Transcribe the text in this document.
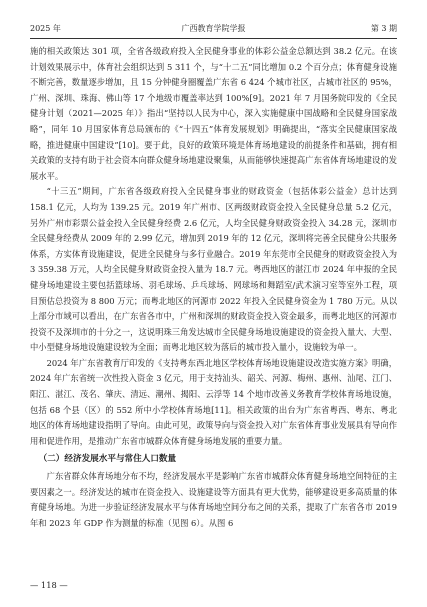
2025 年	广西教育学院学报	第 3 期

施的相关政策达 301 项，全省各级政府投入全民健身事业的体彩公益金总额达到 38.2 亿元。在该计划效果展示中，体育社会组织达到 5 311 个，与“十二五”同比增加 0.2 个百分点；体育健身设施不断完善，数量逐步增加，且 15 分钟健身圈覆盖广东省 6 424 个城市社区，占城市社区的 95%，广州、深圳、珠海、佛山等 17 个地级市覆盖率达到 100%[9]。2021 年 7 月国务院印发的《全民健身计划（2021—2025 年）》指出“坚持以人民为中心，深入实施健康中国战略和全民健身国家战略”，同年 10 月国家体育总局颁布的《“十四五”体育发展规划》明确提出，“落实全民健康国家战略，推进健康中国建设”[10]。要于此，良好的政策环境是体育场地建设的前提条件和基础，拥有相关政策的支持有助于社会资本向群众健身场地建设聚集，从而能够快速提高广东省体育场地建设的发展水平。

“十三五”期间，广东省各级政府投入全民健身事业的财政资金（包括体彩公益金）总计达到 158.1 亿元，人均为 139.25 元。2019 年广州市、区两级财政资金投入全民健身总量 5.2 亿元，另外广州市彩票公益金投入全民健身经费 2.6 亿元，人均全民健身财政资金投入 34.28 元，深圳市全民健身经费从 2009 年的 2.99 亿元，增加到 2019 年的 12 亿元，深圳将完善全民健身公共服务体系，方实体育设施建设，促进全民健身与多行业融合。2019 年东莞市全民健身的财政资金投入为 3 359.38 万元，人均全民健身财政资金投入量为 18.7 元。粤西地区的湛江市 2024 年申报的全民健身场地建设主要包括篮球场、羽毛球场、乒乓球场、网球场和舞蹈室/武术演习室等室外工程，项目预估总投资为 8 800 万元；而粤北地区的河源市 2022 年投入全民健身资金为 1 780 万元。从以上部分市域可以看出，在广东省各市中，广州和深圳的财政资金投入资金最多，而粤北地区的河源市投资不及深圳市的十分之一，这说明珠三角发达城市全民健身场地设施建设的资金投入量大、大型、中小型健身场地设施建设较为全面；而粤北地区较为落后的城市投入量小，设施较为单一。

2024 年广东省教育厅印发的《支持粤东西北地区学校体育场地设施建设改造实施方案》明确，2024 年广东省统一次性投入资金 3 亿元，用于支持汕头、韶关、河源、梅州、惠州、汕尾、江门、阳江、湛江、茂名、肇庆、清远、潮州、揭阳、云浮等 14 个地市改善义务教育学校体育场地设施，包括 68 个县（区）的 552 所中小学校体育场地[11]。相关政策的出台为广东省粤西、粤东、粤北地区的体育场地建设指明了导向。由此可见，政策导向与资金投入对广东省体育事业发展具有导向作用和促进作用，是推动广东省市城群众体育健身场地发展的重要力量。

（二）经济发展水平与常住人口数量

广东省群众体育场地分布不均，经济发展水平是影响广东省市城群众体育健身场地空间特征的主要因素之一。经济发达的城市在资金投入、设施建设等方面具有更大优势，能够建设更多高质量的体育健身场地。为进一步验证经济发展水平与体育场地空间分布之间的关系，提取了广东省各市 2019 年和 2023 年 GDP 作为测量的标准（见图 6）。从图 6

— 118 —
